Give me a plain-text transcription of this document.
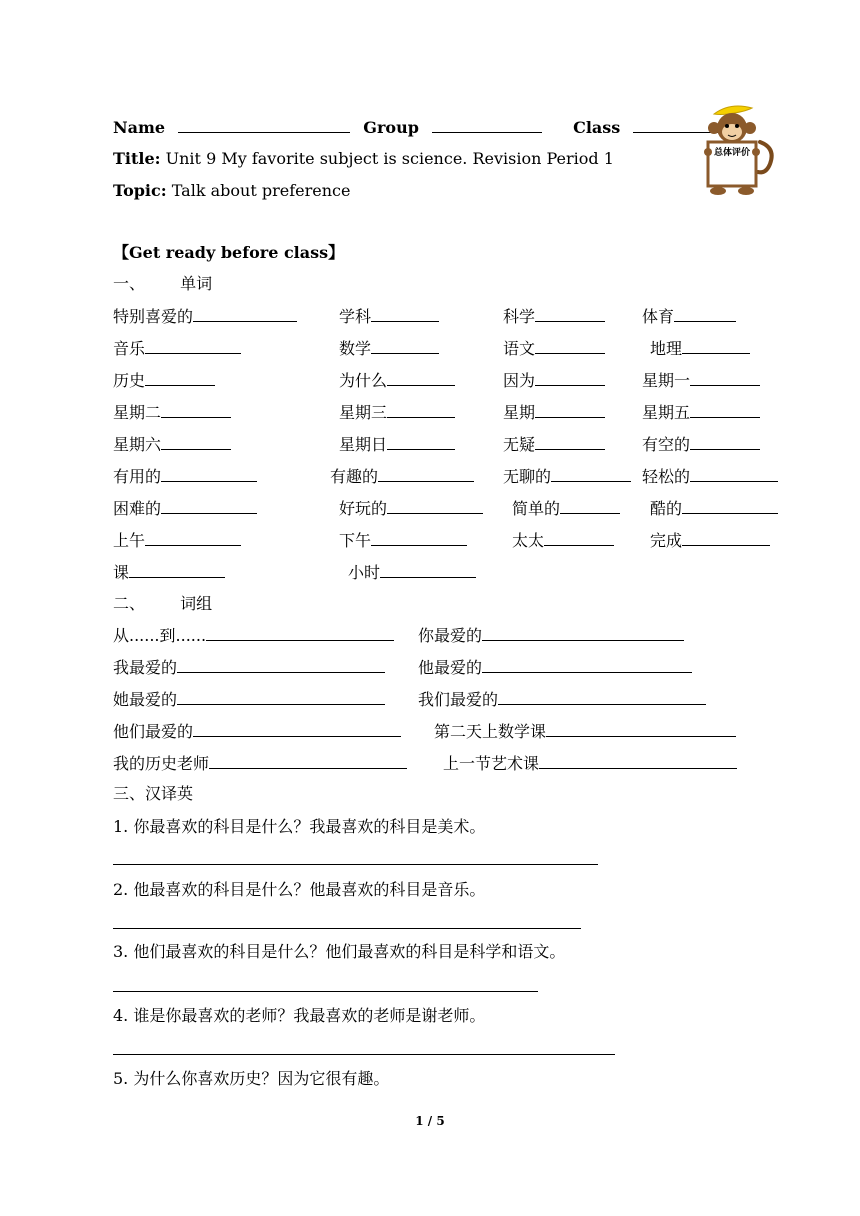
Name	Group	Class
Title: Unit 9 My favorite subject is science. Revision Period 1
Topic: Talk about preference
总体评价
【Get ready before class】
一、 单词
特别喜爱的	学科	科学	体育
音乐	数学	语文	地理
历史	为什么	因为	星期一
星期二	星期三	星期	星期五
星期六	星期日	无疑	有空的
有用的	有趣的	无聊的	轻松的
困难的	好玩的	简单的	酷的
上午	下午	太太	完成
课	小时
二、 词组
从......到......	你最爱的
我最爱的	他最爱的
她最爱的	我们最爱的
他们最爱的	第二天上数学课
我的历史老师	上一节艺术课
三、汉译英
1. 你最喜欢的科目是什么？我最喜欢的科目是美术。
2. 他最喜欢的科目是什么？他最喜欢的科目是音乐。
3. 他们最喜欢的科目是什么？他们最喜欢的科目是科学和语文。
4. 谁是你最喜欢的老师？我最喜欢的老师是谢老师。
5. 为什么你喜欢历史？因为它很有趣。
1 / 5
